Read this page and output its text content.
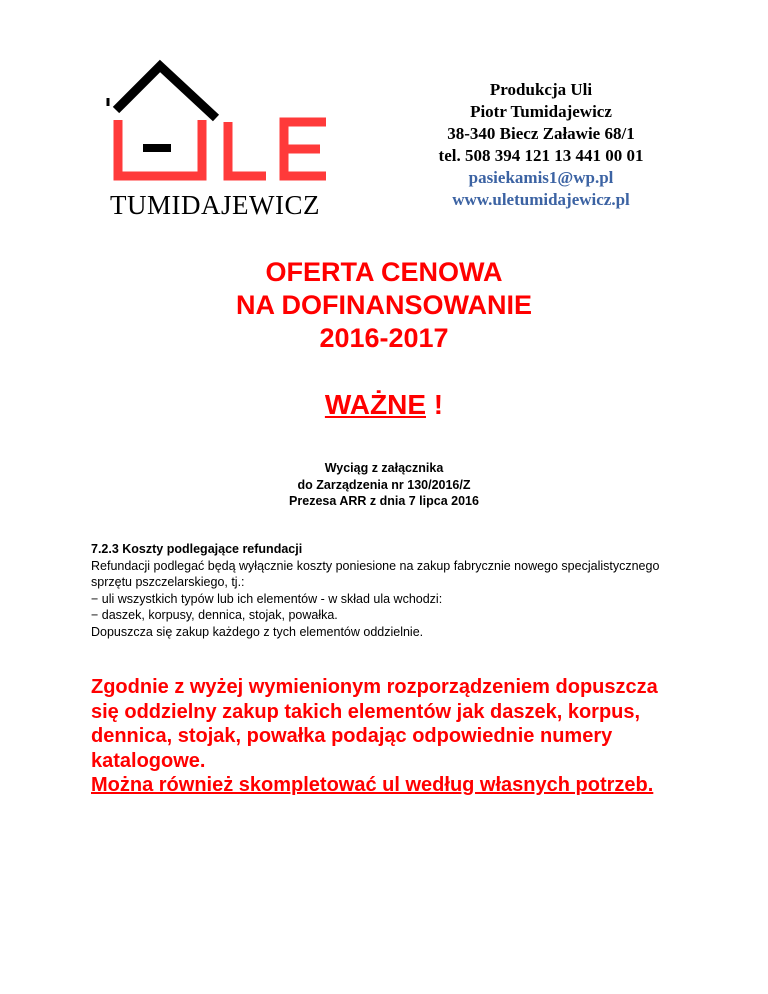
TUMIDAJEWICZ
Produkcja Uli
Piotr Tumidajewicz
38-340 Biecz Załawie 68/1
tel. 508 394 121 13 441 00 01
pasiekamis1@wp.pl
www.uletumidajewicz.pl
OFERTA CENOWA
NA DOFINANSOWANIE
2016-2017
WAŻNE !
Wyciąg z załącznika
do Zarządzenia nr 130/2016/Z
Prezesa ARR z dnia 7 lipca 2016
7.2.3 Koszty podlegające refundacji
Refundacji podlegać będą wyłącznie koszty poniesione na zakup fabrycznie nowego specjalistycznego sprzętu pszczelarskiego, tj.:
− uli wszystkich typów lub ich elementów - w skład ula wchodzi:
− daszek, korpusy, dennica, stojak, powałka.
Dopuszcza się zakup każdego z tych elementów oddzielnie.
Zgodnie z wyżej wymienionym rozporządzeniem dopuszcza się oddzielny zakup takich elementów jak daszek, korpus, dennica, stojak, powałka podając odpowiednie numery katalogowe.
Można również skompletować ul według własnych potrzeb.
